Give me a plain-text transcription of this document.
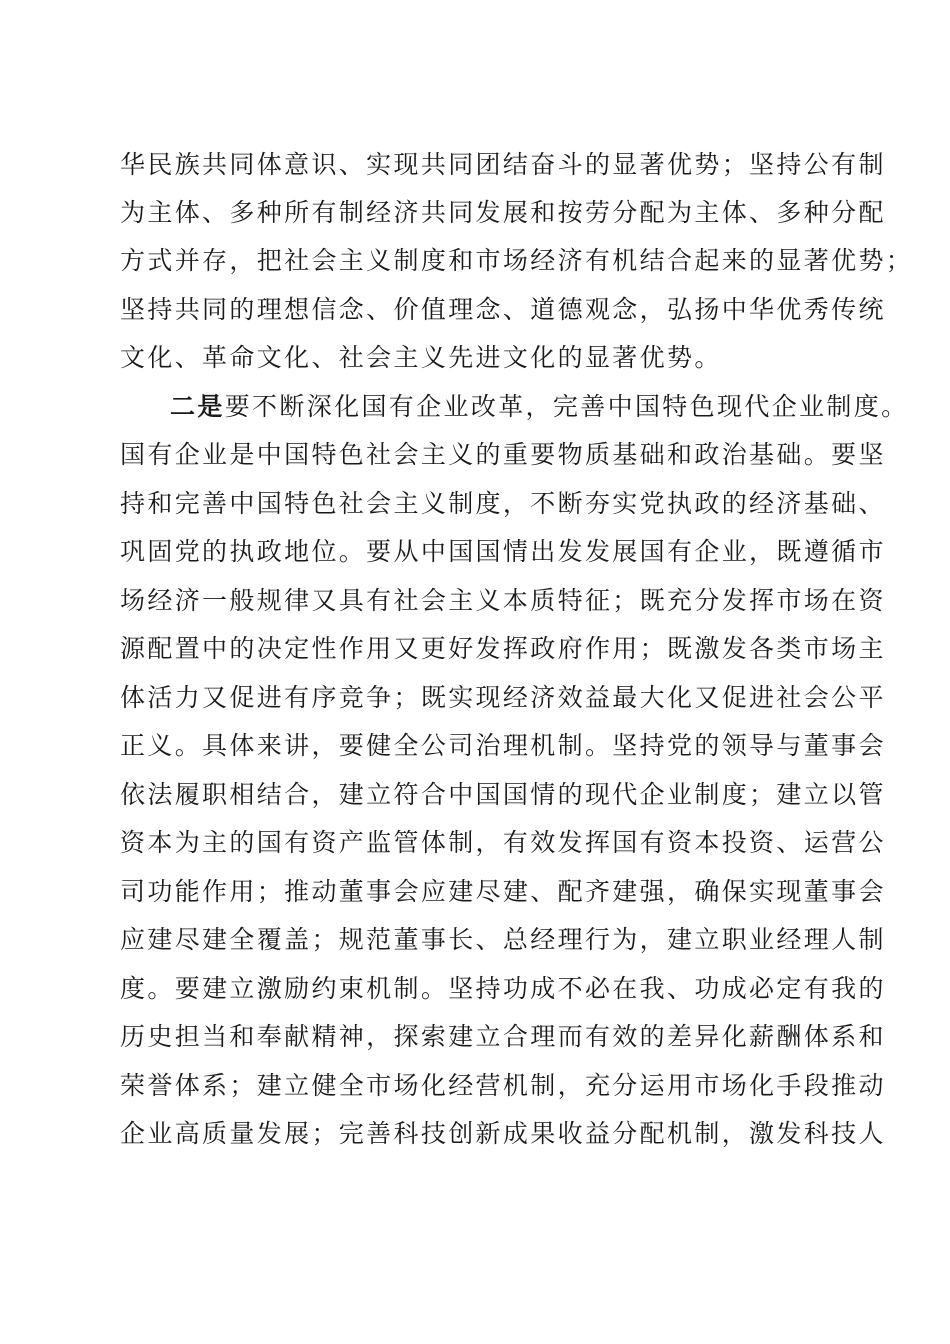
华民族共同体意识、实现共同团结奋斗的显著优势；坚持公有制
为主体、多种所有制经济共同发展和按劳分配为主体、多种分配
方式并存，把社会主义制度和市场经济有机结合起来的显著优势；
坚持共同的理想信念、价值理念、道德观念，弘扬中华优秀传统
文化、革命文化、社会主义先进文化的显著优势。
二是要不断深化国有企业改革，完善中国特色现代企业制度。
国有企业是中国特色社会主义的重要物质基础和政治基础。要坚
持和完善中国特色社会主义制度，不断夯实党执政的经济基础、
巩固党的执政地位。要从中国国情出发发展国有企业，既遵循市
场经济一般规律又具有社会主义本质特征；既充分发挥市场在资
源配置中的决定性作用又更好发挥政府作用；既激发各类市场主
体活力又促进有序竞争；既实现经济效益最大化又促进社会公平
正义。具体来讲，要健全公司治理机制。坚持党的领导与董事会
依法履职相结合，建立符合中国国情的现代企业制度；建立以管
资本为主的国有资产监管体制，有效发挥国有资本投资、运营公
司功能作用；推动董事会应建尽建、配齐建强，确保实现董事会
应建尽建全覆盖；规范董事长、总经理行为，建立职业经理人制
度。要建立激励约束机制。坚持功成不必在我、功成必定有我的
历史担当和奉献精神，探索建立合理而有效的差异化薪酬体系和
荣誉体系；建立健全市场化经营机制，充分运用市场化手段推动
企业高质量发展；完善科技创新成果收益分配机制，激发科技人
